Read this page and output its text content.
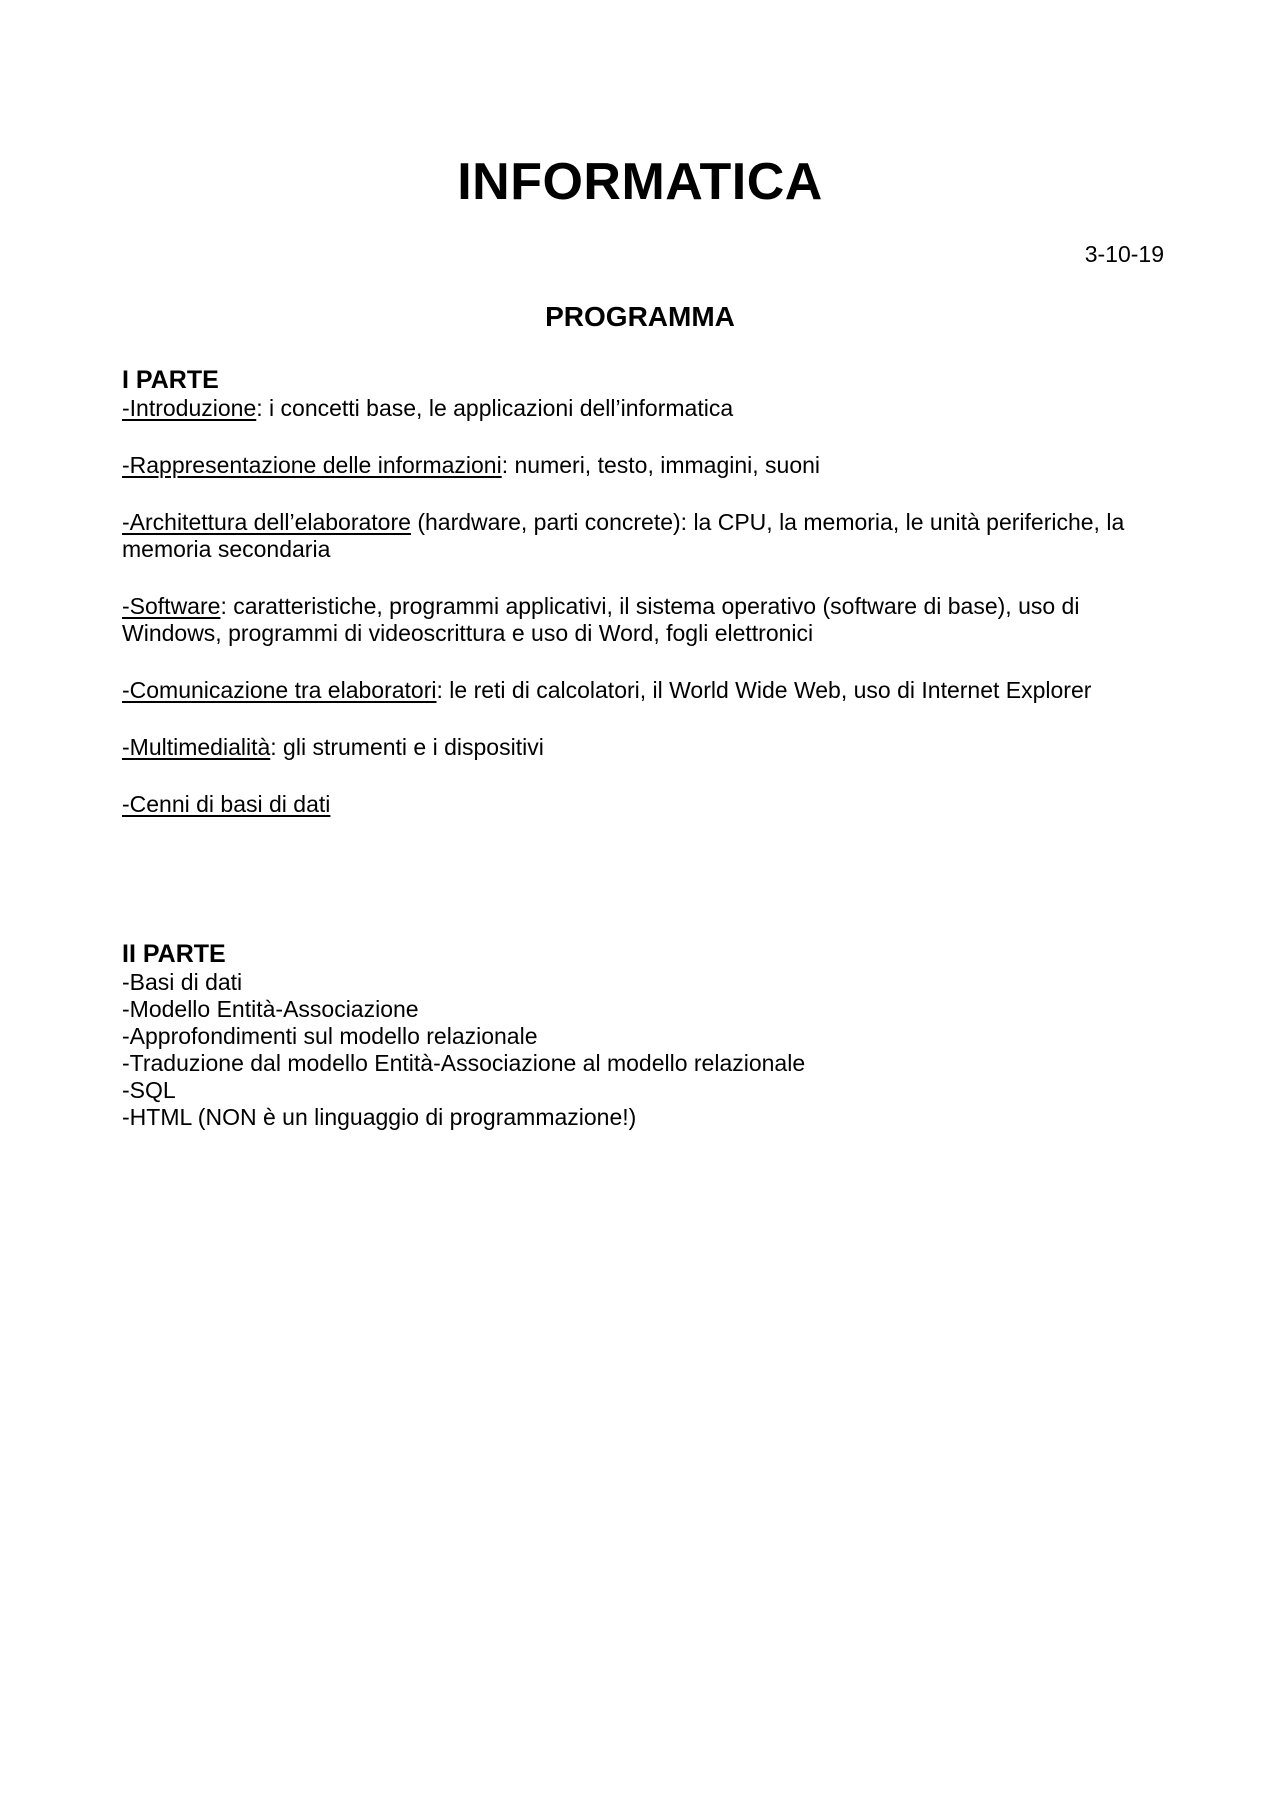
INFORMATICA
3-10-19
PROGRAMMA
I PARTE

-Introduzione: i concetti base, le applicazioni dell’informatica

-Rappresentazione delle informazioni: numeri, testo, immagini, suoni

-Architettura dell’elaboratore (hardware, parti concrete): la CPU, la memoria, le unità periferiche, la memoria secondaria

-Software: caratteristiche, programmi applicativi, il sistema operativo (software di base), uso di Windows, programmi di videoscrittura e uso di Word, fogli elettronici

-Comunicazione tra elaboratori: le reti di calcolatori, il World Wide Web, uso di Internet Explorer

-Multimedialità: gli strumenti e i dispositivi

-Cenni di basi di dati

II PARTE

-Basi di dati

-Modello Entità-Associazione

-Approfondimenti sul modello relazionale

-Traduzione dal modello Entità-Associazione al modello relazionale

-SQL

-HTML (NON è un linguaggio di programmazione!)
